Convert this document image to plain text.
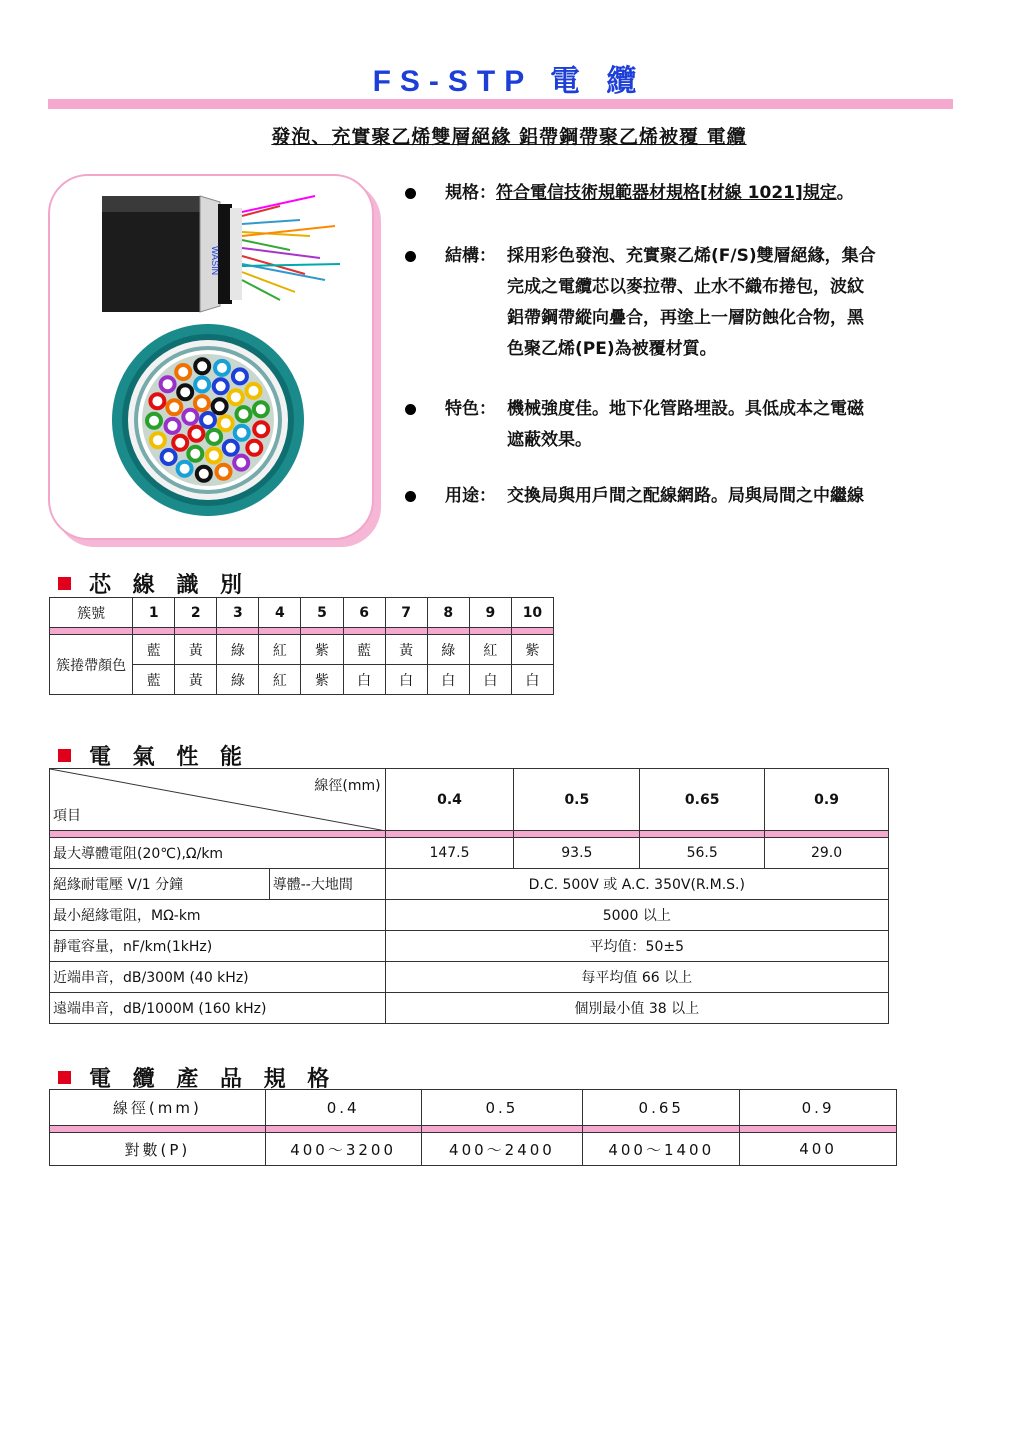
FS-STP 電 纜
發泡、充實聚乙烯雙層絕緣 鋁帶鋼帶聚乙烯被覆 電纜
WASIN
規格：符合電信技術規範器材規格[材線 1021]規定。
結構： 採用彩色發泡、充實聚乙烯(F/S)雙層絕緣，集合
完成之電纜芯以麥拉帶、止水不織布捲包，波紋
鋁帶鋼帶縱向疊合，再塗上一層防蝕化合物，黑
色聚乙烯(PE)為被覆材質。
特色： 機械強度佳。地下化管路埋設。具低成本之電磁
遮蔽效果。
用途： 交換局與用戶間之配線網路。局與局間之中繼線
芯 線 識 別
簇號	1	2	3	4	5	6	7	8	9	10

簇捲帶顏色	藍	黃	綠	紅	紫	藍	黃	綠	紅	紫
	藍	黃	綠	紅	紫	白	白	白	白	白
電 氣 性 能
線徑(mm)
項目		0.4	0.5	0.65	0.9

最大導體電阻(20℃),Ω/km		147.5	93.5	56.5	29.0
絕緣耐電壓 V/1 分鐘	導體--大地間	D.C. 500V 或 A.C. 350V(R.M.S.)			
最小絕緣電阻，MΩ-km		5000 以上			
靜電容量，nF/km(1kHz)		平均值：50±5			
近端串音，dB/300M (40 kHz)		每平均值 66 以上			
遠端串音，dB/1000M (160 kHz)		個別最小值 38 以上			
電 纜 產 品 規 格
線徑(mm)	0.4	0.5	0.65	0.9

對數(P)	400～3200	400～2400	400～1400	400
